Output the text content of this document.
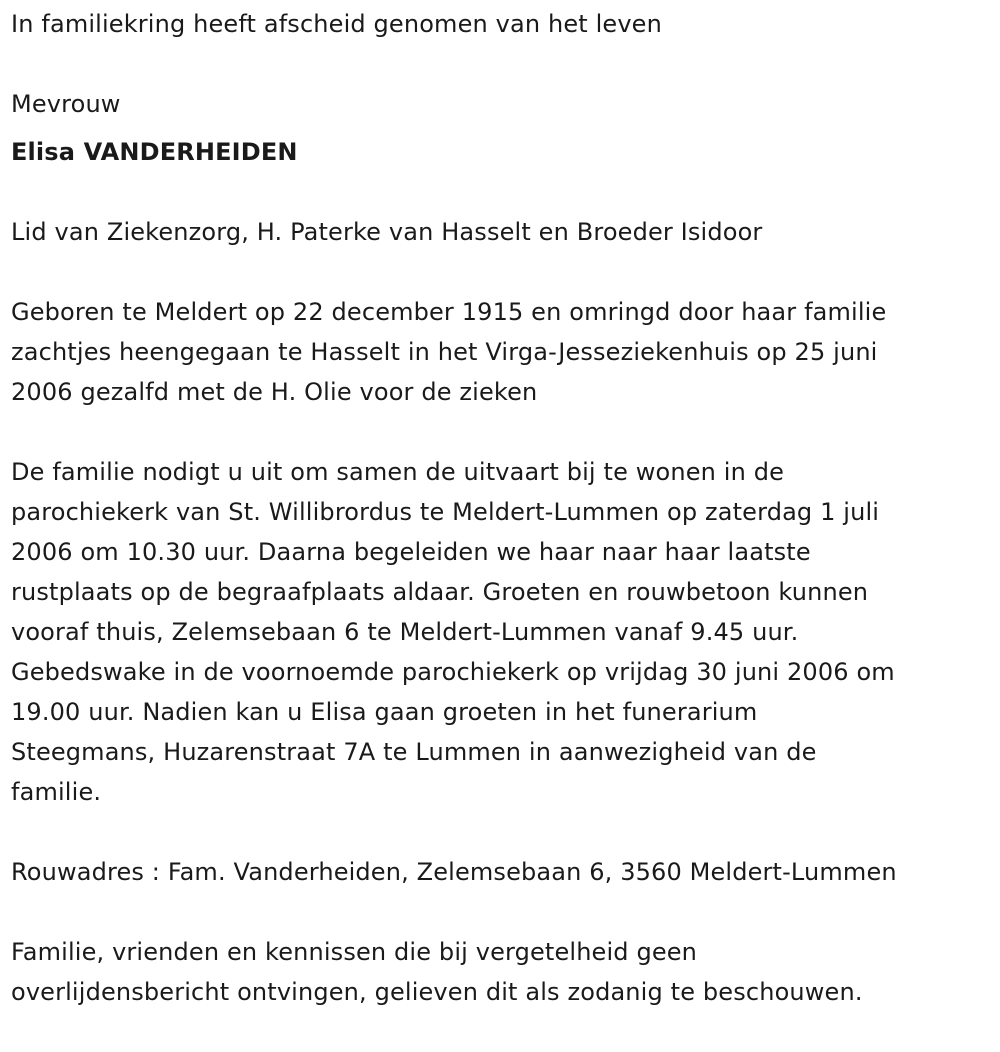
In familiekring heeft afscheid genomen van het leven
Mevrouw
Elisa VANDERHEIDEN
Lid van Ziekenzorg, H. Paterke van Hasselt en Broeder Isidoor
Geboren te Meldert op 22 december 1915 en omringd door haar familie
zachtjes heengegaan te Hasselt in het Virga-Jesseziekenhuis op 25 juni
2006 gezalfd met de H. Olie voor de zieken
De familie nodigt u uit om samen de uitvaart bij te wonen in de
parochiekerk van St. Willibrordus te Meldert-Lummen op zaterdag 1 juli
2006 om 10.30 uur. Daarna begeleiden we haar naar haar laatste
rustplaats op de begraafplaats aldaar. Groeten en rouwbetoon kunnen
vooraf thuis, Zelemsebaan 6 te Meldert-Lummen vanaf 9.45 uur.
Gebedswake in de voornoemde parochiekerk op vrijdag 30 juni 2006 om
19.00 uur. Nadien kan u Elisa gaan groeten in het funerarium
Steegmans, Huzarenstraat 7A te Lummen in aanwezigheid van de
familie.
Rouwadres : Fam. Vanderheiden, Zelemsebaan 6, 3560 Meldert-Lummen
Familie, vrienden en kennissen die bij vergetelheid geen
overlijdensbericht ontvingen, gelieven dit als zodanig te beschouwen.
